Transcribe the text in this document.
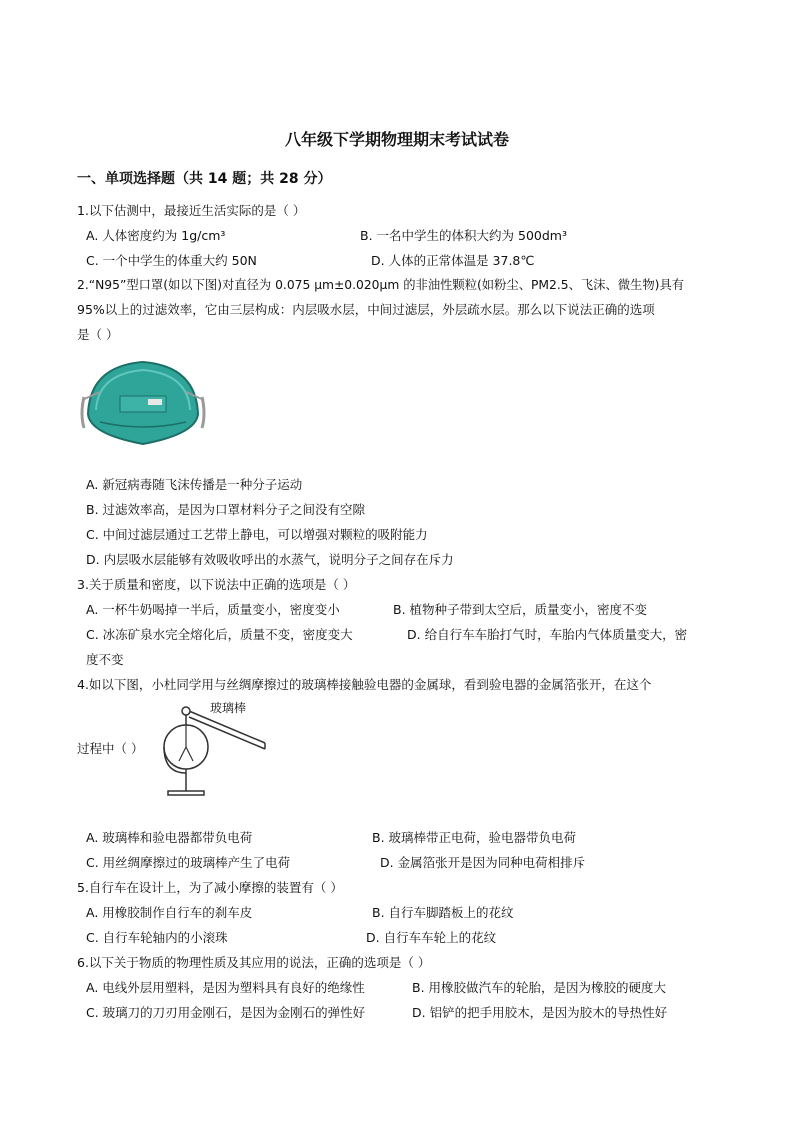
八年级下学期物理期末考试试卷
一、单项选择题（共 14 题；共 28 分）
1.以下估测中，最接近生活实际的是（ ）
A. 人体密度约为 1g/cm³	B. 一名中学生的体积大约为 500dm³
C. 一个中学生的体重大约 50N	D. 人体的正常体温是 37.8℃
2.“N95”型口罩(如以下图)对直径为 0.075 μm±0.020μm 的非油性颗粒(如粉尘、PM2.5、飞沫、微生物)具有
95%以上的过滤效率，它由三层构成：内层吸水层，中间过滤层，外层疏水层。那么以下说法正确的选项
是（ ）
A. 新冠病毒随飞沫传播是一种分子运动
B. 过滤效率高，是因为口罩材料分子之间没有空隙
C. 中间过滤层通过工艺带上静电，可以增强对颗粒的吸附能力
D. 内层吸水层能够有效吸收呼出的水蒸气，说明分子之间存在斥力
3.关于质量和密度，以下说法中正确的选项是（ ）
A. 一杯牛奶喝掉一半后，质量变小，密度变小	B. 植物种子带到太空后，质量变小，密度不变
C. 冰冻矿泉水完全熔化后，质量不变，密度变大	D. 给自行车车胎打气时，车胎内气体质量变大，密
度不变
4.如以下图，小杜同学用与丝绸摩擦过的玻璃棒接触验电器的金属球，看到验电器的金属箔张开，在这个
玻璃棒
过程中（ ）
A. 玻璃棒和验电器都带负电荷	B. 玻璃棒带正电荷，验电器带负电荷
C. 用丝绸摩擦过的玻璃棒产生了电荷	D. 金属箔张开是因为同种电荷相排斥
5.自行车在设计上，为了减小摩擦的装置有（ ）
A. 用橡胶制作自行车的刹车皮	B. 自行车脚踏板上的花纹
C. 自行车轮轴内的小滚珠	D. 自行车车轮上的花纹
6.以下关于物质的物理性质及其应用的说法，正确的选项是（ ）
A. 电线外层用塑料，是因为塑料具有良好的绝缘性	B. 用橡胶做汽车的轮胎，是因为橡胶的硬度大
C. 玻璃刀的刀刃用金刚石，是因为金刚石的弹性好	D. 铝铲的把手用胶木，是因为胶木的导热性好
